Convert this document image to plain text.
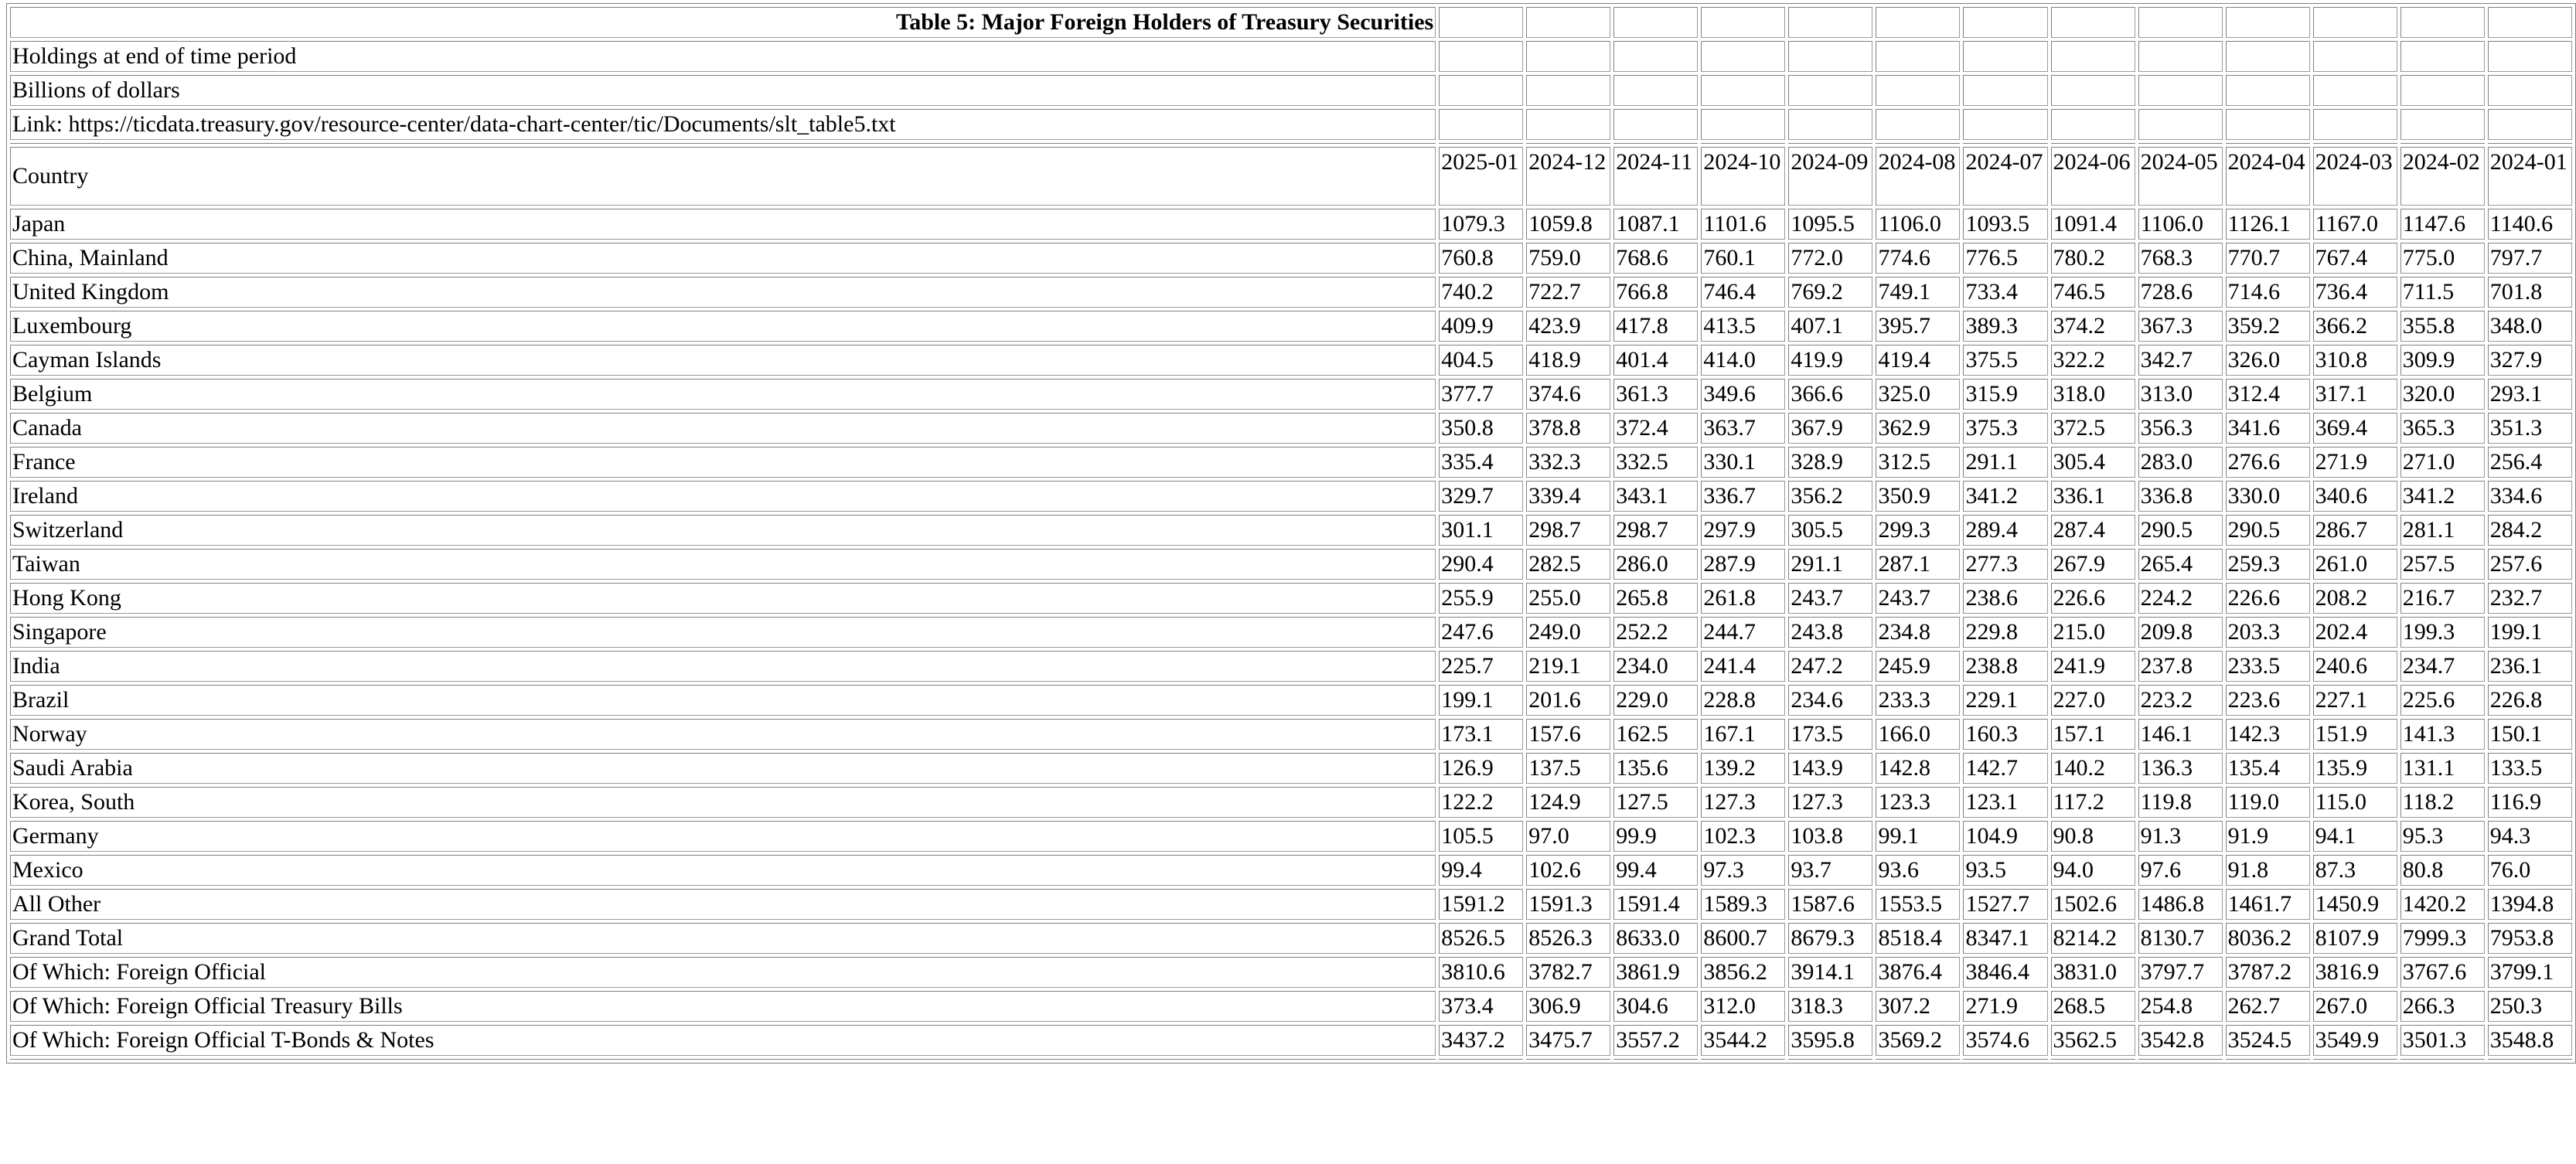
Table 5: Major Foreign Holders of Treasury Securities													
Holdings at end of time period													
Billions of dollars													
Link: https://ticdata.treasury.gov/resource-center/data-chart-center/tic/Documents/slt_table5.txt													

Country	2025-01	2024-12	2024-11	2024-10	2024-09	2024-08	2024-07	2024-06	2024-05	2024-04	2024-03	2024-02	2024-01
Japan	1079.3	1059.8	1087.1	1101.6	1095.5	1106.0	1093.5	1091.4	1106.0	1126.1	1167.0	1147.6	1140.6
China, Mainland	760.8	759.0	768.6	760.1	772.0	774.6	776.5	780.2	768.3	770.7	767.4	775.0	797.7
United Kingdom	740.2	722.7	766.8	746.4	769.2	749.1	733.4	746.5	728.6	714.6	736.4	711.5	701.8
Luxembourg	409.9	423.9	417.8	413.5	407.1	395.7	389.3	374.2	367.3	359.2	366.2	355.8	348.0
Cayman Islands	404.5	418.9	401.4	414.0	419.9	419.4	375.5	322.2	342.7	326.0	310.8	309.9	327.9
Belgium	377.7	374.6	361.3	349.6	366.6	325.0	315.9	318.0	313.0	312.4	317.1	320.0	293.1
Canada	350.8	378.8	372.4	363.7	367.9	362.9	375.3	372.5	356.3	341.6	369.4	365.3	351.3
France	335.4	332.3	332.5	330.1	328.9	312.5	291.1	305.4	283.0	276.6	271.9	271.0	256.4
Ireland	329.7	339.4	343.1	336.7	356.2	350.9	341.2	336.1	336.8	330.0	340.6	341.2	334.6
Switzerland	301.1	298.7	298.7	297.9	305.5	299.3	289.4	287.4	290.5	290.5	286.7	281.1	284.2
Taiwan	290.4	282.5	286.0	287.9	291.1	287.1	277.3	267.9	265.4	259.3	261.0	257.5	257.6
Hong Kong	255.9	255.0	265.8	261.8	243.7	243.7	238.6	226.6	224.2	226.6	208.2	216.7	232.7
Singapore	247.6	249.0	252.2	244.7	243.8	234.8	229.8	215.0	209.8	203.3	202.4	199.3	199.1
India	225.7	219.1	234.0	241.4	247.2	245.9	238.8	241.9	237.8	233.5	240.6	234.7	236.1
Brazil	199.1	201.6	229.0	228.8	234.6	233.3	229.1	227.0	223.2	223.6	227.1	225.6	226.8
Norway	173.1	157.6	162.5	167.1	173.5	166.0	160.3	157.1	146.1	142.3	151.9	141.3	150.1
Saudi Arabia	126.9	137.5	135.6	139.2	143.9	142.8	142.7	140.2	136.3	135.4	135.9	131.1	133.5
Korea, South	122.2	124.9	127.5	127.3	127.3	123.3	123.1	117.2	119.8	119.0	115.0	118.2	116.9
Germany	105.5	97.0	99.9	102.3	103.8	99.1	104.9	90.8	91.3	91.9	94.1	95.3	94.3
Mexico	99.4	102.6	99.4	97.3	93.7	93.6	93.5	94.0	97.6	91.8	87.3	80.8	76.0
All Other	1591.2	1591.3	1591.4	1589.3	1587.6	1553.5	1527.7	1502.6	1486.8	1461.7	1450.9	1420.2	1394.8
Grand Total	8526.5	8526.3	8633.0	8600.7	8679.3	8518.4	8347.1	8214.2	8130.7	8036.2	8107.9	7999.3	7953.8
Of Which: Foreign Official	3810.6	3782.7	3861.9	3856.2	3914.1	3876.4	3846.4	3831.0	3797.7	3787.2	3816.9	3767.6	3799.1
Of Which: Foreign Official Treasury Bills	373.4	306.9	304.6	312.0	318.3	307.2	271.9	268.5	254.8	262.7	267.0	266.3	250.3
Of Which: Foreign Official T-Bonds & Notes	3437.2	3475.7	3557.2	3544.2	3595.8	3569.2	3574.6	3562.5	3542.8	3524.5	3549.9	3501.3	3548.8
